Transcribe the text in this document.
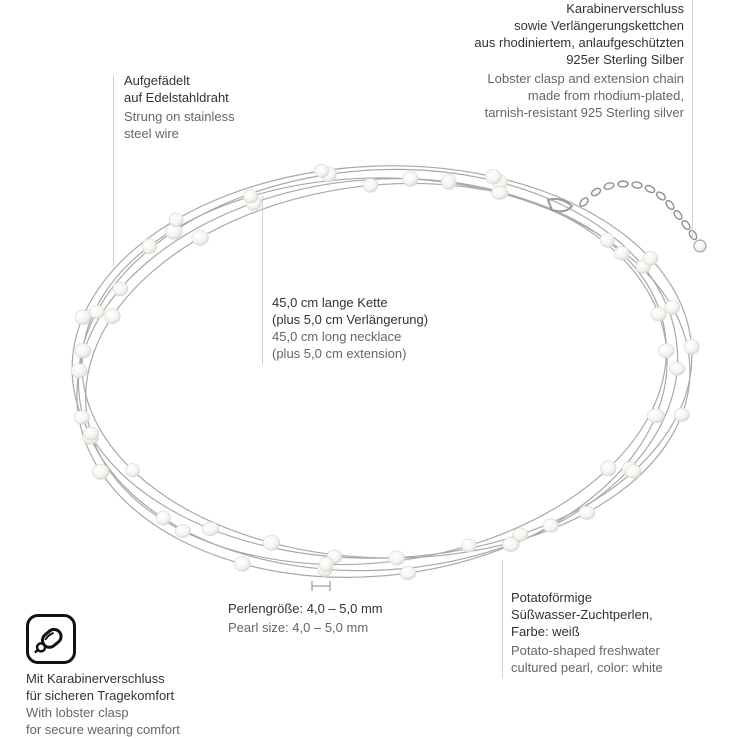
Karabinerverschluss

sowie Verlängerungskettchen

aus rhodiniertem, anlaufgeschützten

925er Sterling Silber

Lobster clasp and extension chain

made from rhodium-plated,

tarnish-resistant 925 Sterling silver

Aufgefädelt

auf Edelstahldraht

Strung on stainless

steel wire

45,0 cm lange Kette

(plus 5,0 cm Verlängerung)

45,0 cm long necklace

(plus 5,0 cm extension)

Perlengröße: 4,0 – 5,0 mm

Pearl size: 4,0 – 5,0 mm

Potatoförmige

Süßwasser-Zuchtperlen,

Farbe: weiß

Potato-shaped freshwater

cultured pearl, color: white

Mit Karabinerverschluss

für sicheren Tragekomfort

With lobster clasp

for secure wearing comfort
